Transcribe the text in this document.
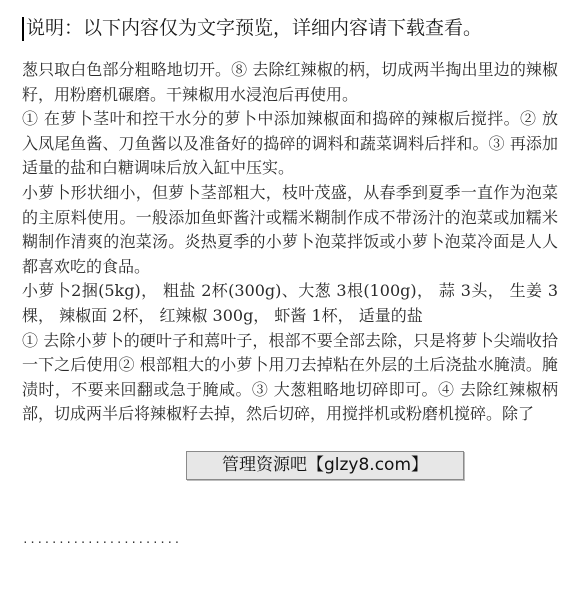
说明：以下内容仅为文字预览，详细内容请下载查看。

葱只取白色部分粗略地切开。⑧ 去除红辣椒的柄，切成两半掏出里边的辣椒籽，用粉磨机碾磨。干辣椒用水浸泡后再使用。

① 在萝卜茎叶和控干水分的萝卜中添加辣椒面和捣碎的辣椒后搅拌。② 放入凤尾鱼酱、刀鱼酱以及准备好的捣碎的调料和蔬菜调料后拌和。③ 再添加适量的盐和白糖调味后放入缸中压实。

小萝卜形状细小，但萝卜茎部粗大，枝叶茂盛，从春季到夏季一直作为泡菜的主原料使用。一般添加鱼虾酱汁或糯米糊制作成不带汤汁的泡菜或加糯米糊制作清爽的泡菜汤。炎热夏季的小萝卜泡菜拌饭或小萝卜泡菜冷面是人人都喜欢吃的食品。

小萝卜2捆(5kg)， 粗盐 2杯(300g)、大葱 3根(100g)， 蒜 3头， 生姜 3棵， 辣椒面 2杯， 红辣椒 300g， 虾酱 1杯， 适量的盐

① 去除小萝卜的硬叶子和蔫叶子，根部不要全部去除，只是将萝卜尖端收拾一下之后使用② 根部粗大的小萝卜用刀去掉粘在外层的土后浇盐水腌渍。腌渍时，不要来回翻或急于腌咸。③ 大葱粗略地切碎即可。④ 去除红辣椒柄部，切成两半后将辣椒籽去掉，然后切碎，用搅拌机或粉磨机搅碎。除了

······················
管理资源吧【glzy8.com】
